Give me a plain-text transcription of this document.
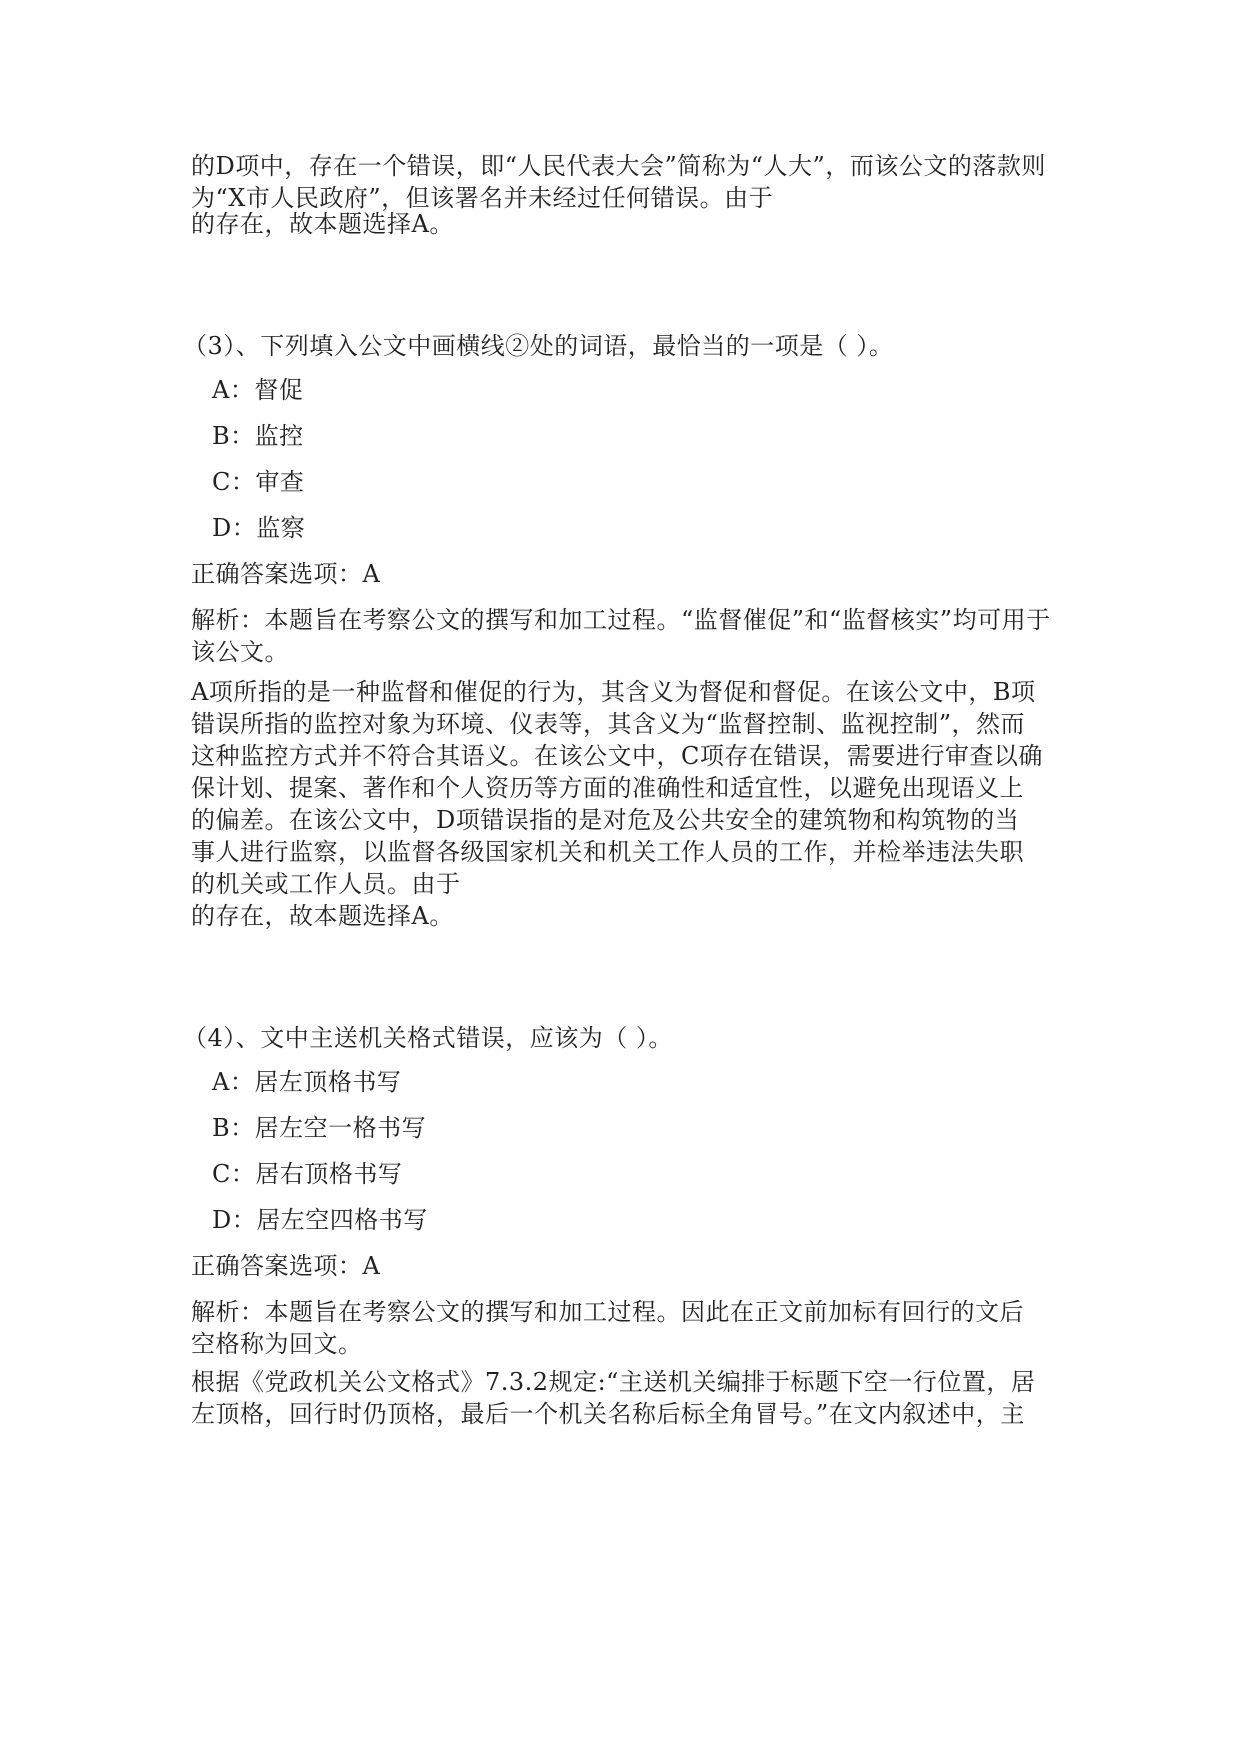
的D项中，存在一个错误，即“人民代表大会”简称为“人大”，而该公文的落款则
为“X市人民政府”，但该署名并未经过任何错误。由于

的存在，故本题选择A。

（3）、下列填入公文中画横线②处的词语，最恰当的一项是（ ）。

A：督促

B：监控

C：审查

D：监察

正确答案选项：A

解析：本题旨在考察公文的撰写和加工过程。“监督催促”和“监督核实”均可用于
该公文。

A项所指的是一种监督和催促的行为，其含义为督促和督促。在该公文中，B项
错误所指的监控对象为环境、仪表等，其含义为“监督控制、监视控制”，然而
这种监控方式并不符合其语义。在该公文中，C项存在错误，需要进行审查以确
保计划、提案、著作和个人资历等方面的准确性和适宜性，以避免出现语义上
的偏差。在该公文中，D项错误指的是对危及公共安全的建筑物和构筑物的当
事人进行监察，以监督各级国家机关和机关工作人员的工作，并检举违法失职
的机关或工作人员。由于

的存在，故本题选择A。

（4）、文中主送机关格式错误，应该为（ ）。

A：居左顶格书写

B：居左空一格书写

C：居右顶格书写

D：居左空四格书写

正确答案选项：A

解析：本题旨在考察公文的撰写和加工过程。因此在正文前加标有回行的文后
空格称为回文。

根据《党政机关公文格式》7.3.2规定:“主送机关编排于标题下空一行位置，居
左顶格，回行时仍顶格，最后一个机关名称后标全角冒号。”在文内叙述中，主
